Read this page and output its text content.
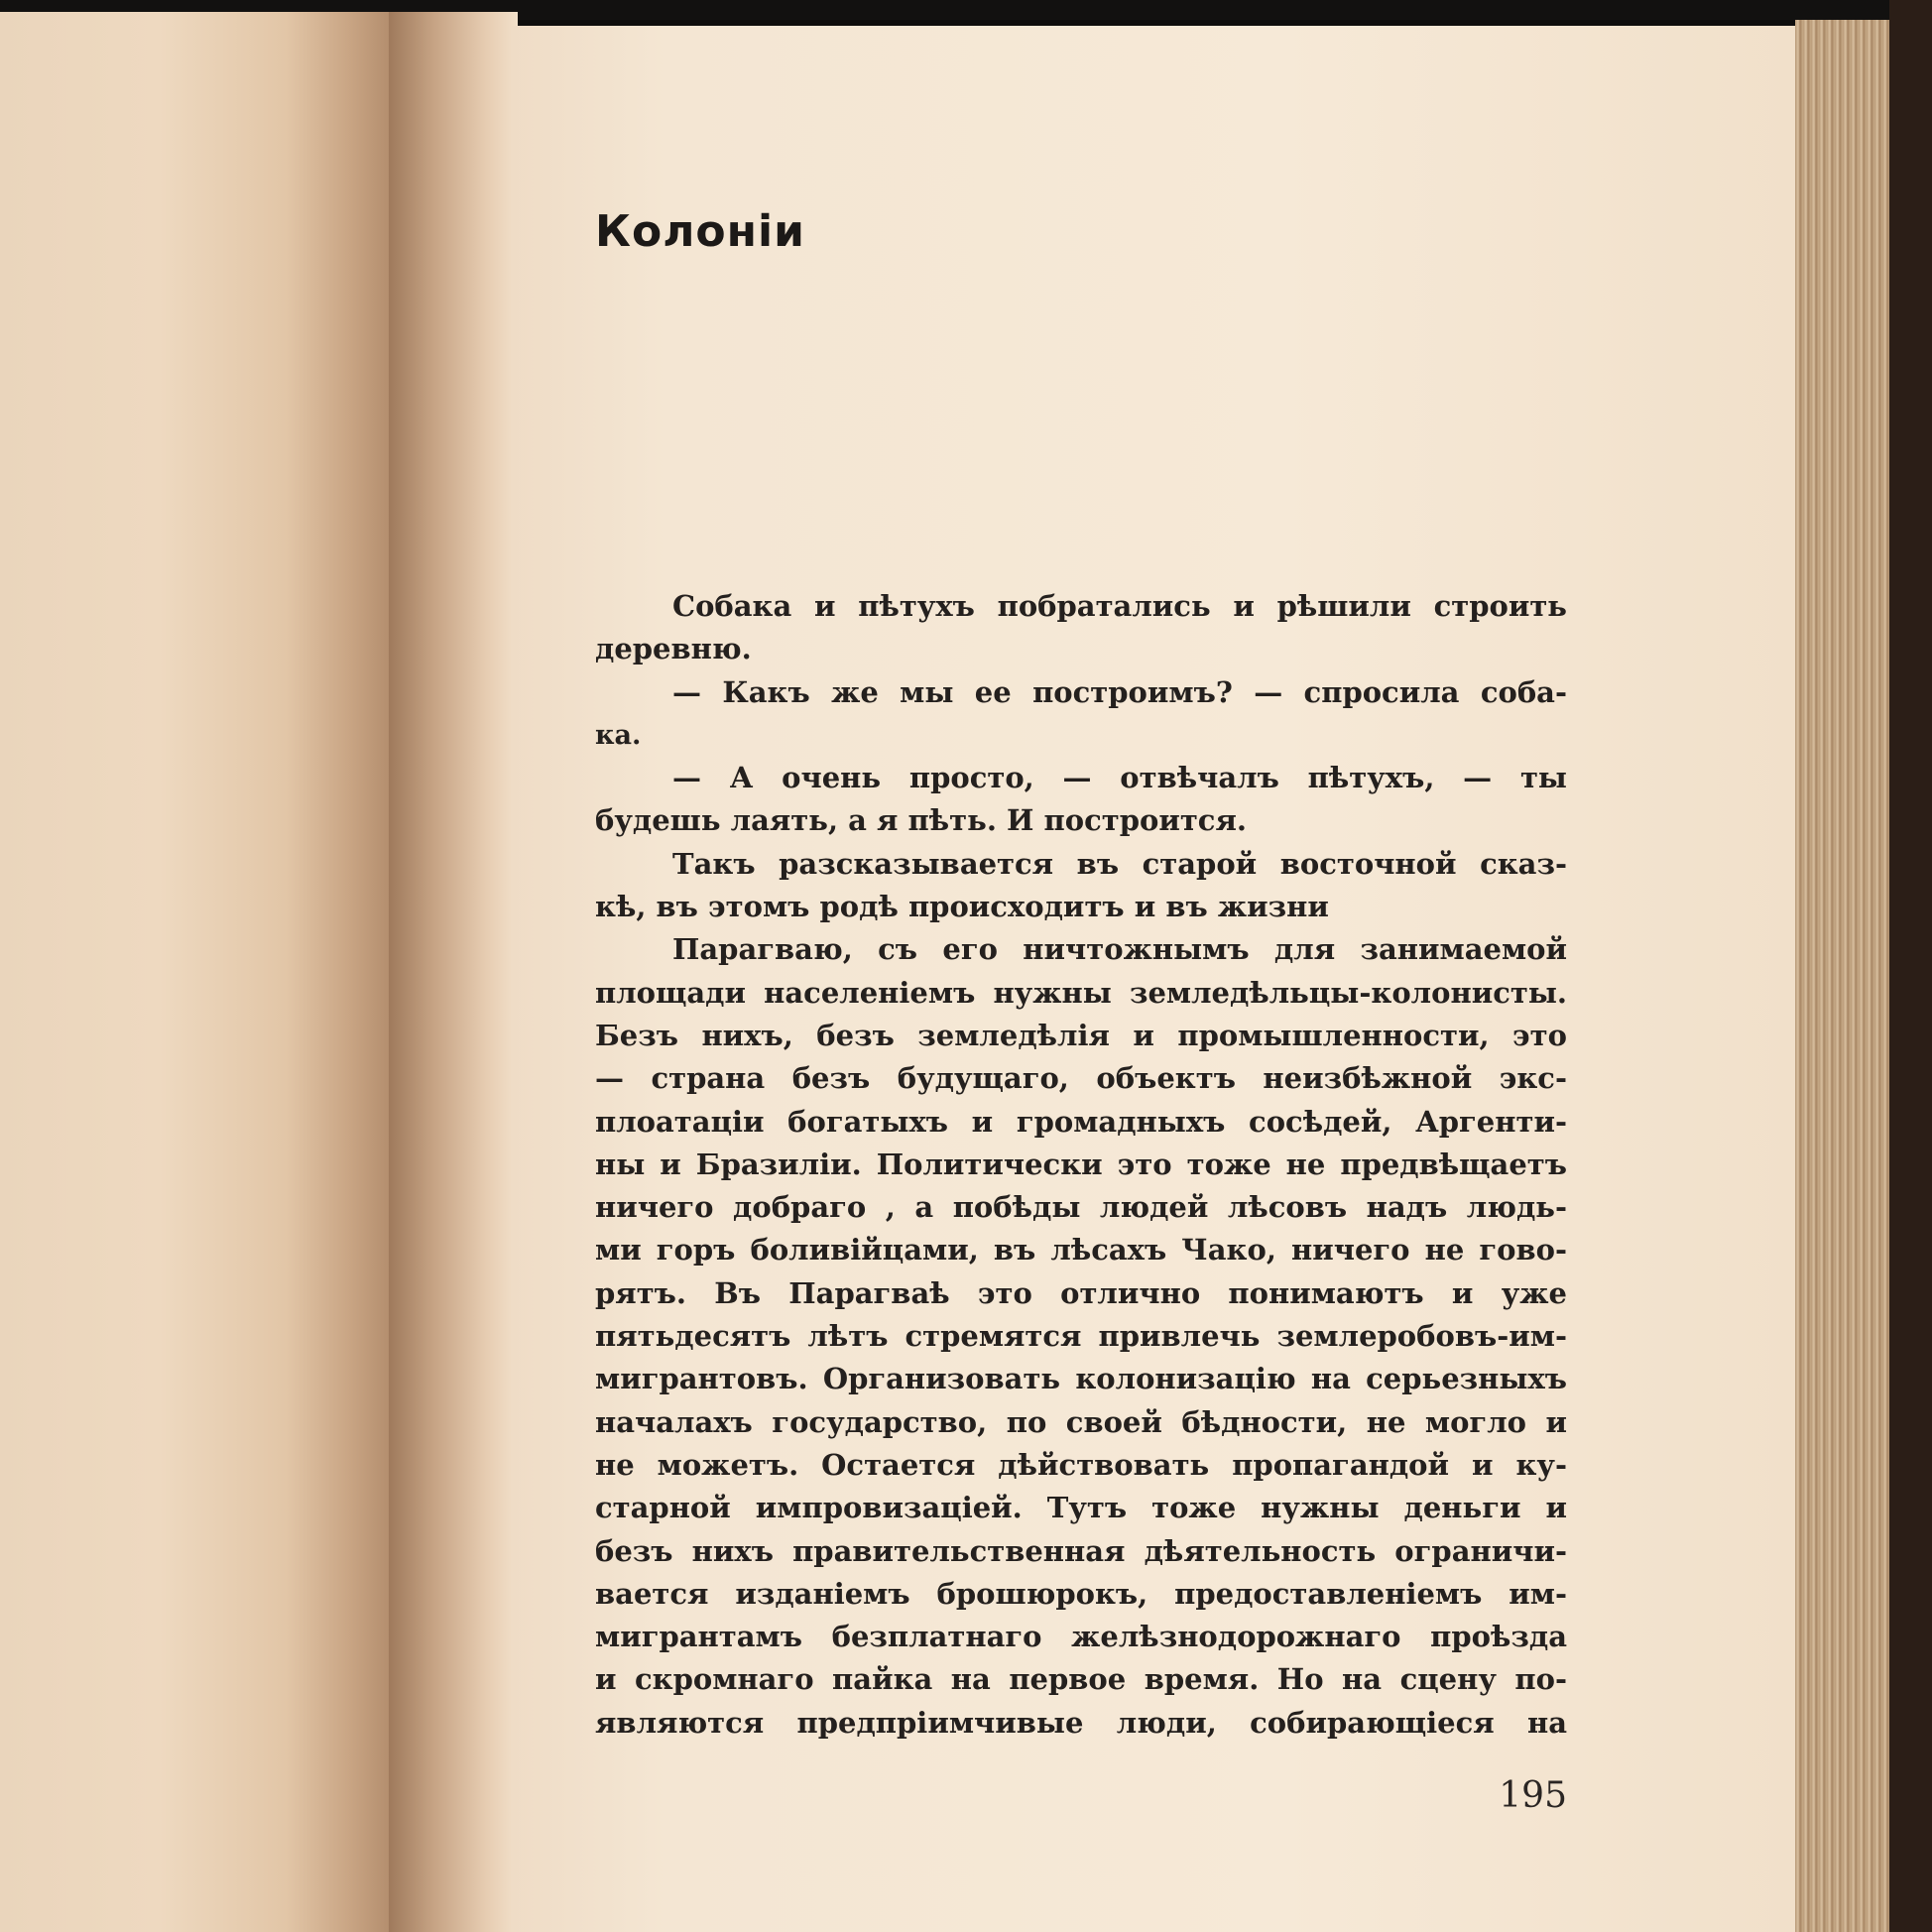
Колоніи
Собака и пѣтухъ побратались и рѣшили строить
деревню.
— Какъ же мы ее построимъ? — спросила соба-
ка.
— А очень просто, — отвѣчалъ пѣтухъ, — ты
будешь лаять, а я пѣть. И построится.
Такъ разсказывается въ старой восточной сказ-
кѣ, въ этомъ родѣ происходитъ и въ жизни
Парагваю, съ его ничтожнымъ для занимаемой
площади населеніемъ нужны земледѣльцы-колонисты.
Безъ нихъ, безъ земледѣлія и промышленности, это
— страна безъ будущаго, объектъ неизбѣжной экс-
плоатаціи богатыхъ и громадныхъ сосѣдей, Аргенти-
ны и Бразиліи. Политически это тоже не предвѣщаетъ
ничего добраго , а побѣды людей лѣсовъ надъ людь-
ми горъ боливійцами, въ лѣсахъ Чако, ничего не гово-
рятъ. Въ Парагваѣ это отлично понимаютъ и уже
пятьдесятъ лѣтъ стремятся привлечь землеробовъ-им-
мигрантовъ. Организовать колонизацію на серьезныхъ
началахъ государство, по своей бѣдности, не могло и
не можетъ. Остается дѣйствовать пропагандой и ку-
старной импровизаціей. Тутъ тоже нужны деньги и
безъ нихъ правительственная дѣятельность ограничи-
вается изданіемъ брошюрокъ, предоставленіемъ им-
мигрантамъ безплатнаго желѣзнодорожнаго проѣзда
и скромнаго пайка на первое время. Но на сцену по-
являются предпріимчивые люди, собирающіеся на
195
